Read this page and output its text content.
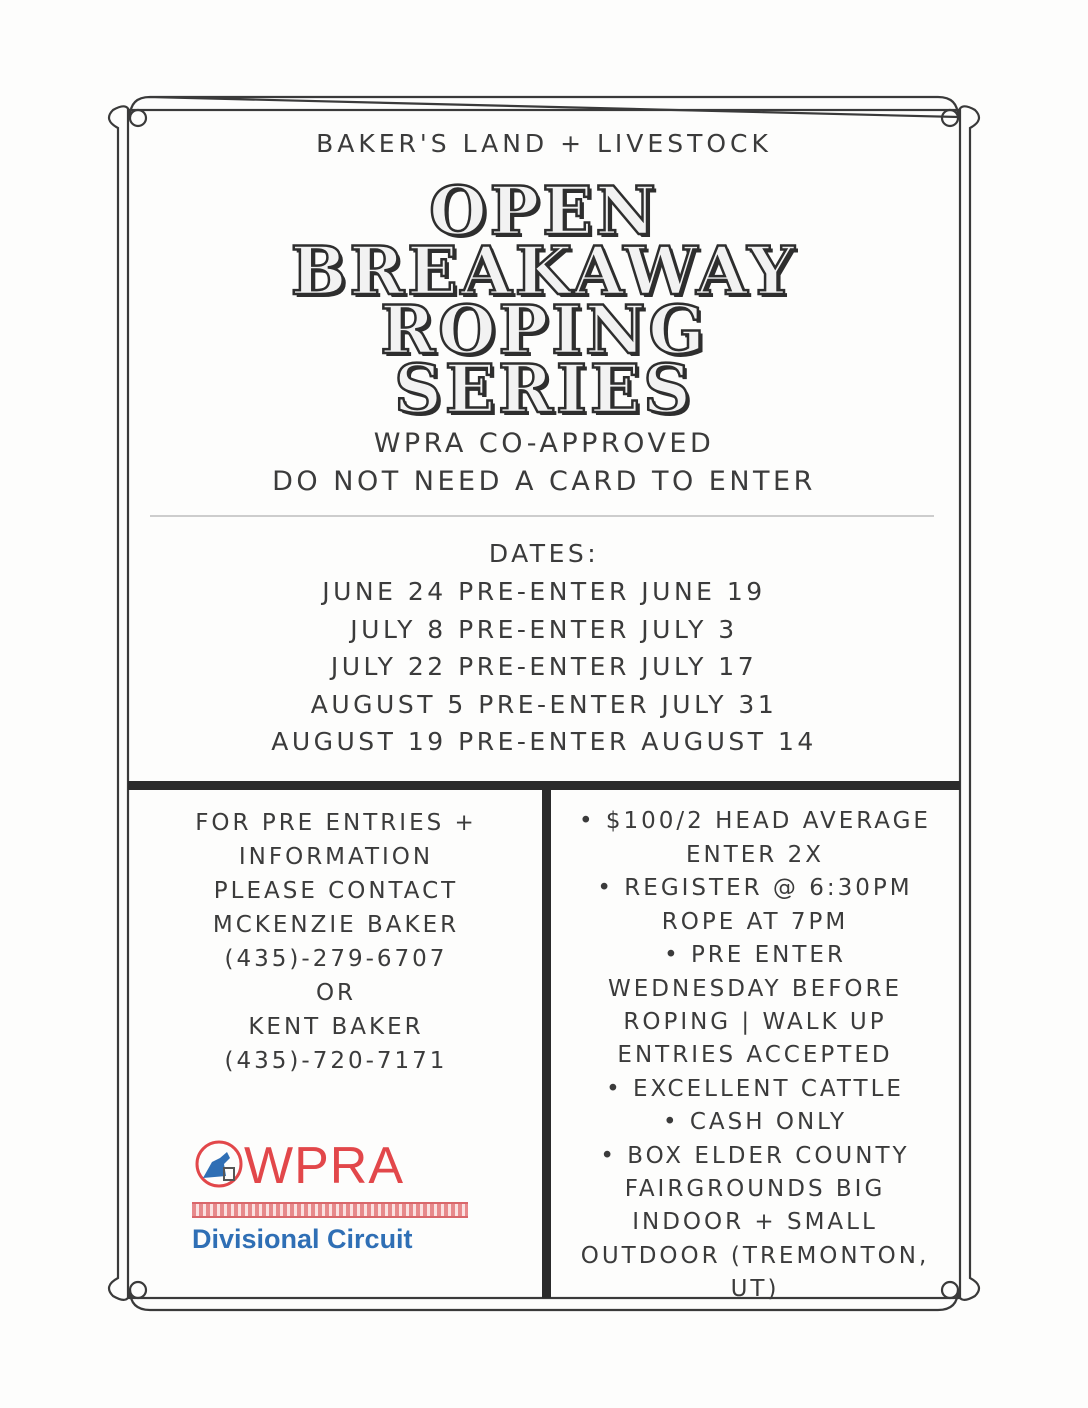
BAKER'S LAND + LIVESTOCK
OPEN
BREAKAWAY
ROPING
SERIES
WPRA CO-APPROVED
DO NOT NEED A CARD TO ENTER
DATES:
JUNE 24 PRE-ENTER JUNE 19
JULY 8 PRE-ENTER JULY 3
JULY 22 PRE-ENTER JULY 17
AUGUST 5 PRE-ENTER JULY 31
AUGUST 19 PRE-ENTER AUGUST 14
FOR PRE ENTRIES +
INFORMATION
PLEASE CONTACT
MCKENZIE BAKER
(435)-279-6707
OR
KENT BAKER
(435)-720-7171
WPRA
Divisional Circuit
• $100/2 HEAD AVERAGE
ENTER 2X
• REGISTER @ 6:30PM
ROPE AT 7PM
• PRE ENTER
WEDNESDAY BEFORE
ROPING | WALK UP
ENTRIES ACCEPTED
• EXCELLENT CATTLE
• CASH ONLY
• BOX ELDER COUNTY
FAIRGROUNDS BIG
INDOOR + SMALL
OUTDOOR (TREMONTON,
UT)
